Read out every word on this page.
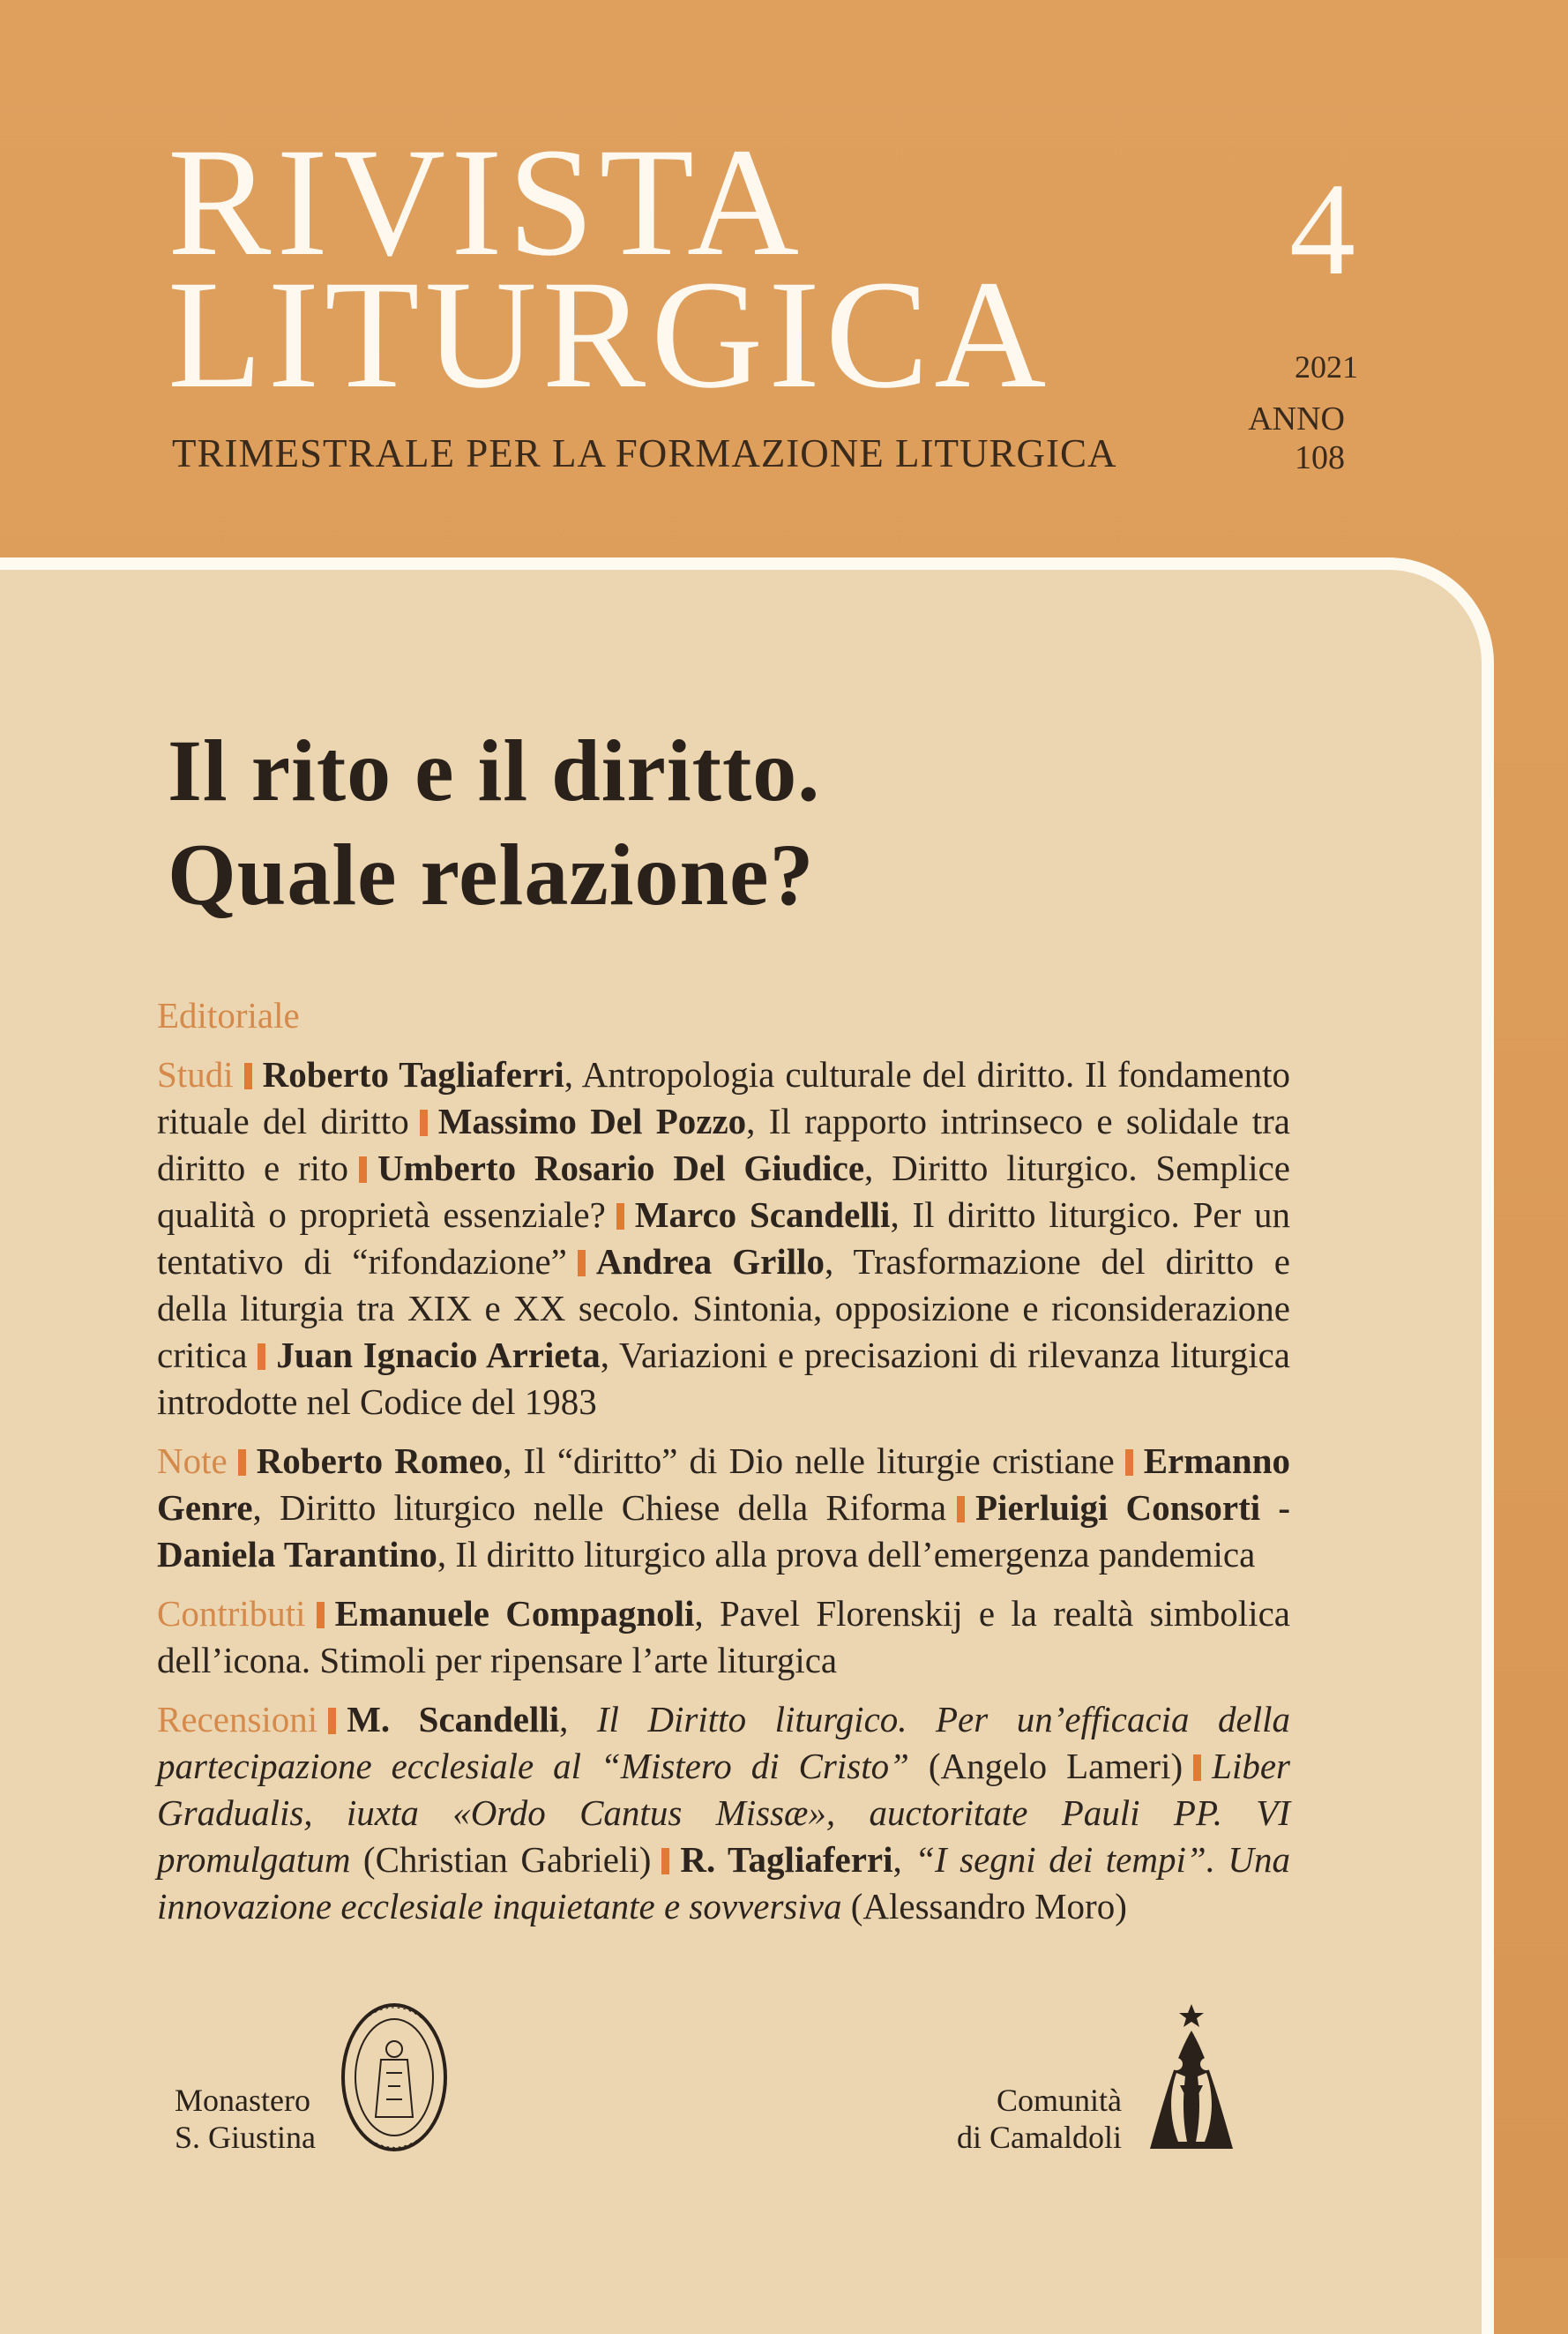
RIVISTA
LITURGICA
TRIMESTRALE PER LA FORMAZIONE LITURGICA
4
2021
ANNO
108
Il rito e il diritto.
Quale relazione?

Editoriale

Studi Roberto Tagliaferri, Antropologia culturale del diritto. Il fondamento rituale del diritto Massimo Del Pozzo, Il rapporto intrinseco e solidale tra diritto e rito Umberto Rosario Del Giudice, Diritto liturgico. Semplice qualità o proprietà essenziale? Marco Scandelli, Il diritto liturgico. Per un tentativo di “rifondazione” Andrea Grillo, Trasformazione del diritto e della liturgia tra XIX e XX secolo. Sintonia, opposizione e riconsiderazione critica Juan Ignacio Arrieta, Variazioni e precisazioni di rilevanza liturgica introdotte nel Codice del 1983

Note Roberto Romeo, Il “diritto” di Dio nelle liturgie cristiane Ermanno Genre, Diritto liturgico nelle Chiese della Riforma Pierluigi Consorti - Daniela Tarantino, Il diritto liturgico alla prova dell’emergenza pandemica

Contributi Emanuele Compagnoli, Pavel Florenskij e la realtà simbolica dell’icona. Stimoli per ripensare l’arte liturgica

Recensioni M. Scandelli, Il Diritto liturgico. Per un’efficacia della partecipazione ecclesiale al “Mistero di Cristo” (Angelo Lameri) Liber Gradualis, iuxta «Ordo Cantus Missæ», auctoritate Pauli PP. VI promulgatum (Christian Gabrieli) R. Tagliaferri, “I segni dei tempi”. Una innovazione ecclesiale inquietante e sovversiva (Alessandro Moro)

Monastero
S. Giustina
Comunità
di Camaldoli
